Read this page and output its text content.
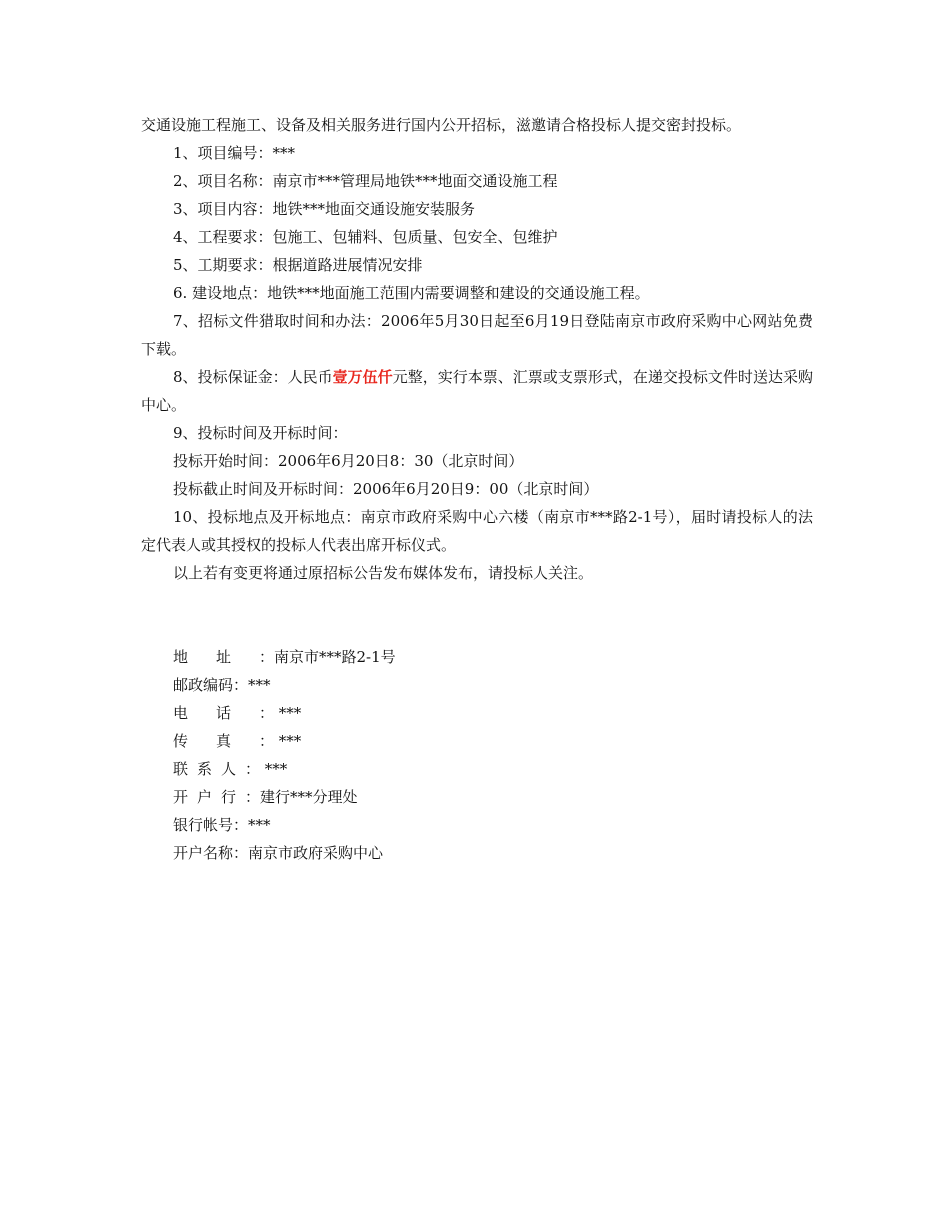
交通设施工程施工、设备及相关服务进行国内公开招标，滋邀请合格投标人提交密封投标。

1、项目编号：***

2、项目名称：南京市***管理局地铁***地面交通设施工程

3、项目内容：地铁***地面交通设施安装服务

4、工程要求：包施工、包辅料、包质量、包安全、包维护

5、工期要求：根据道路进展情况安排

6. 建设地点：地铁***地面施工范围内需要调整和建设的交通设施工程。

7、招标文件猎取时间和办法：2006年5月30日起至6月19日登陆南京市政府采购中心网站免费下载。

8、投标保证金：人民币壹万伍仟元整，实行本票、汇票或支票形式，在递交投标文件时送达采购中心。

9、投标时间及开标时间：

投标开始时间：2006年6月20日8：30（北京时间）

投标截止时间及开标时间：2006年6月20日9：00（北京时间）

10、投标地点及开标地点：南京市政府采购中心六楼（南京市***路2-1号），届时请投标人的法定代表人或其授权的投标人代表出席开标仪式。

以上若有变更将通过原招标公告发布媒体发布，请投标人关注。

地址 ：南京市***路2-1号
邮政编码 ：***
电话 ： ***
传真 ： ***
联系人 ： ***
开户行 ：建行***分理处
银行帐号 ：***
开户名称 ：南京市政府采购中心
